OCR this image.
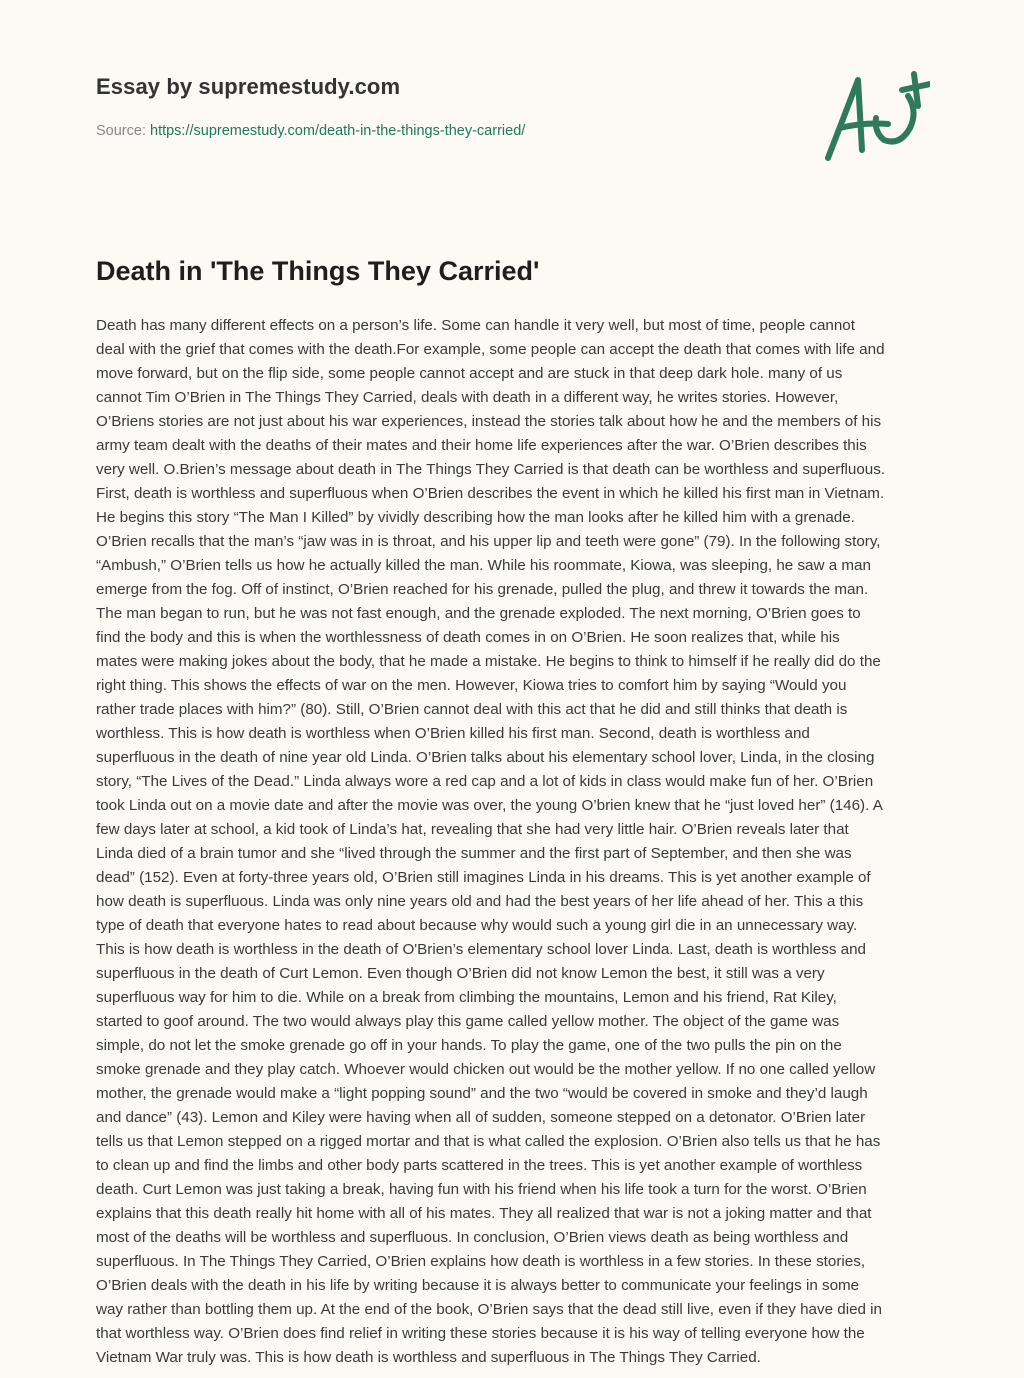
Essay by supremestudy.com
Source: https://supremestudy.com/death-in-the-things-they-carried/
Death in 'The Things They Carried'
Death has many different effects on a person’s life. Some can handle it very well, but most of time, people cannot
deal with the grief that comes with the death.For example, some people can accept the death that comes with life and
move forward, but on the flip side, some people cannot accept and are stuck in that deep dark hole. many of us
cannot Tim O’Brien in The Things They Carried, deals with death in a different way, he writes stories. However,
O’Briens stories are not just about his war experiences, instead the stories talk about how he and the members of his
army team dealt with the deaths of their mates and their home life experiences after the war. O’Brien describes this
very well. O.Brien’s message about death in The Things They Carried is that death can be worthless and superfluous.
First, death is worthless and superfluous when O’Brien describes the event in which he killed his first man in Vietnam.
He begins this story “The Man I Killed” by vividly describing how the man looks after he killed him with a grenade.
O’Brien recalls that the man’s “jaw was in is throat, and his upper lip and teeth were gone” (79). In the following story,
“Ambush,” O’Brien tells us how he actually killed the man. While his roommate, Kiowa, was sleeping, he saw a man
emerge from the fog. Off of instinct, O’Brien reached for his grenade, pulled the plug, and threw it towards the man.
The man began to run, but he was not fast enough, and the grenade exploded. The next morning, O’Brien goes to
find the body and this is when the worthlessness of death comes in on O’Brien. He soon realizes that, while his
mates were making jokes about the body, that he made a mistake. He begins to think to himself if he really did do the
right thing. This shows the effects of war on the men. However, Kiowa tries to comfort him by saying “Would you
rather trade places with him?” (80). Still, O’Brien cannot deal with this act that he did and still thinks that death is
worthless. This is how death is worthless when O’Brien killed his first man. Second, death is worthless and
superfluous in the death of nine year old Linda. O’Brien talks about his elementary school lover, Linda, in the closing
story, “The Lives of the Dead.” Linda always wore a red cap and a lot of kids in class would make fun of her. O’Brien
took Linda out on a movie date and after the movie was over, the young O’brien knew that he “just loved her” (146). A
few days later at school, a kid took of Linda’s hat, revealing that she had very little hair. O’Brien reveals later that
Linda died of a brain tumor and she “lived through the summer and the first part of September, and then she was
dead” (152). Even at forty-three years old, O’Brien still imagines Linda in his dreams. This is yet another example of
how death is superfluous. Linda was only nine years old and had the best years of her life ahead of her. This a this
type of death that everyone hates to read about because why would such a young girl die in an unnecessary way.
This is how death is worthless in the death of O'Brien’s elementary school lover Linda. Last, death is worthless and
superfluous in the death of Curt Lemon. Even though O’Brien did not know Lemon the best, it still was a very
superfluous way for him to die. While on a break from climbing the mountains, Lemon and his friend, Rat Kiley,
started to goof around. The two would always play this game called yellow mother. The object of the game was
simple, do not let the smoke grenade go off in your hands. To play the game, one of the two pulls the pin on the
smoke grenade and they play catch. Whoever would chicken out would be the mother yellow. If no one called yellow
mother, the grenade would make a “light popping sound” and the two “would be covered in smoke and they’d laugh
and dance” (43). Lemon and Kiley were having when all of sudden, someone stepped on a detonator. O’Brien later
tells us that Lemon stepped on a rigged mortar and that is what called the explosion. O’Brien also tells us that he has
to clean up and find the limbs and other body parts scattered in the trees. This is yet another example of worthless
death. Curt Lemon was just taking a break, having fun with his friend when his life took a turn for the worst. O’Brien
explains that this death really hit home with all of his mates. They all realized that war is not a joking matter and that
most of the deaths will be worthless and superfluous. In conclusion, O’Brien views death as being worthless and
superfluous. In The Things They Carried, O’Brien explains how death is worthless in a few stories. In these stories,
O’Brien deals with the death in his life by writing because it is always better to communicate your feelings in some
way rather than bottling them up. At the end of the book, O’Brien says that the dead still live, even if they have died in
that worthless way. O’Brien does find relief in writing these stories because it is his way of telling everyone how the
Vietnam War truly was. This is how death is worthless and superfluous in The Things They Carried.
